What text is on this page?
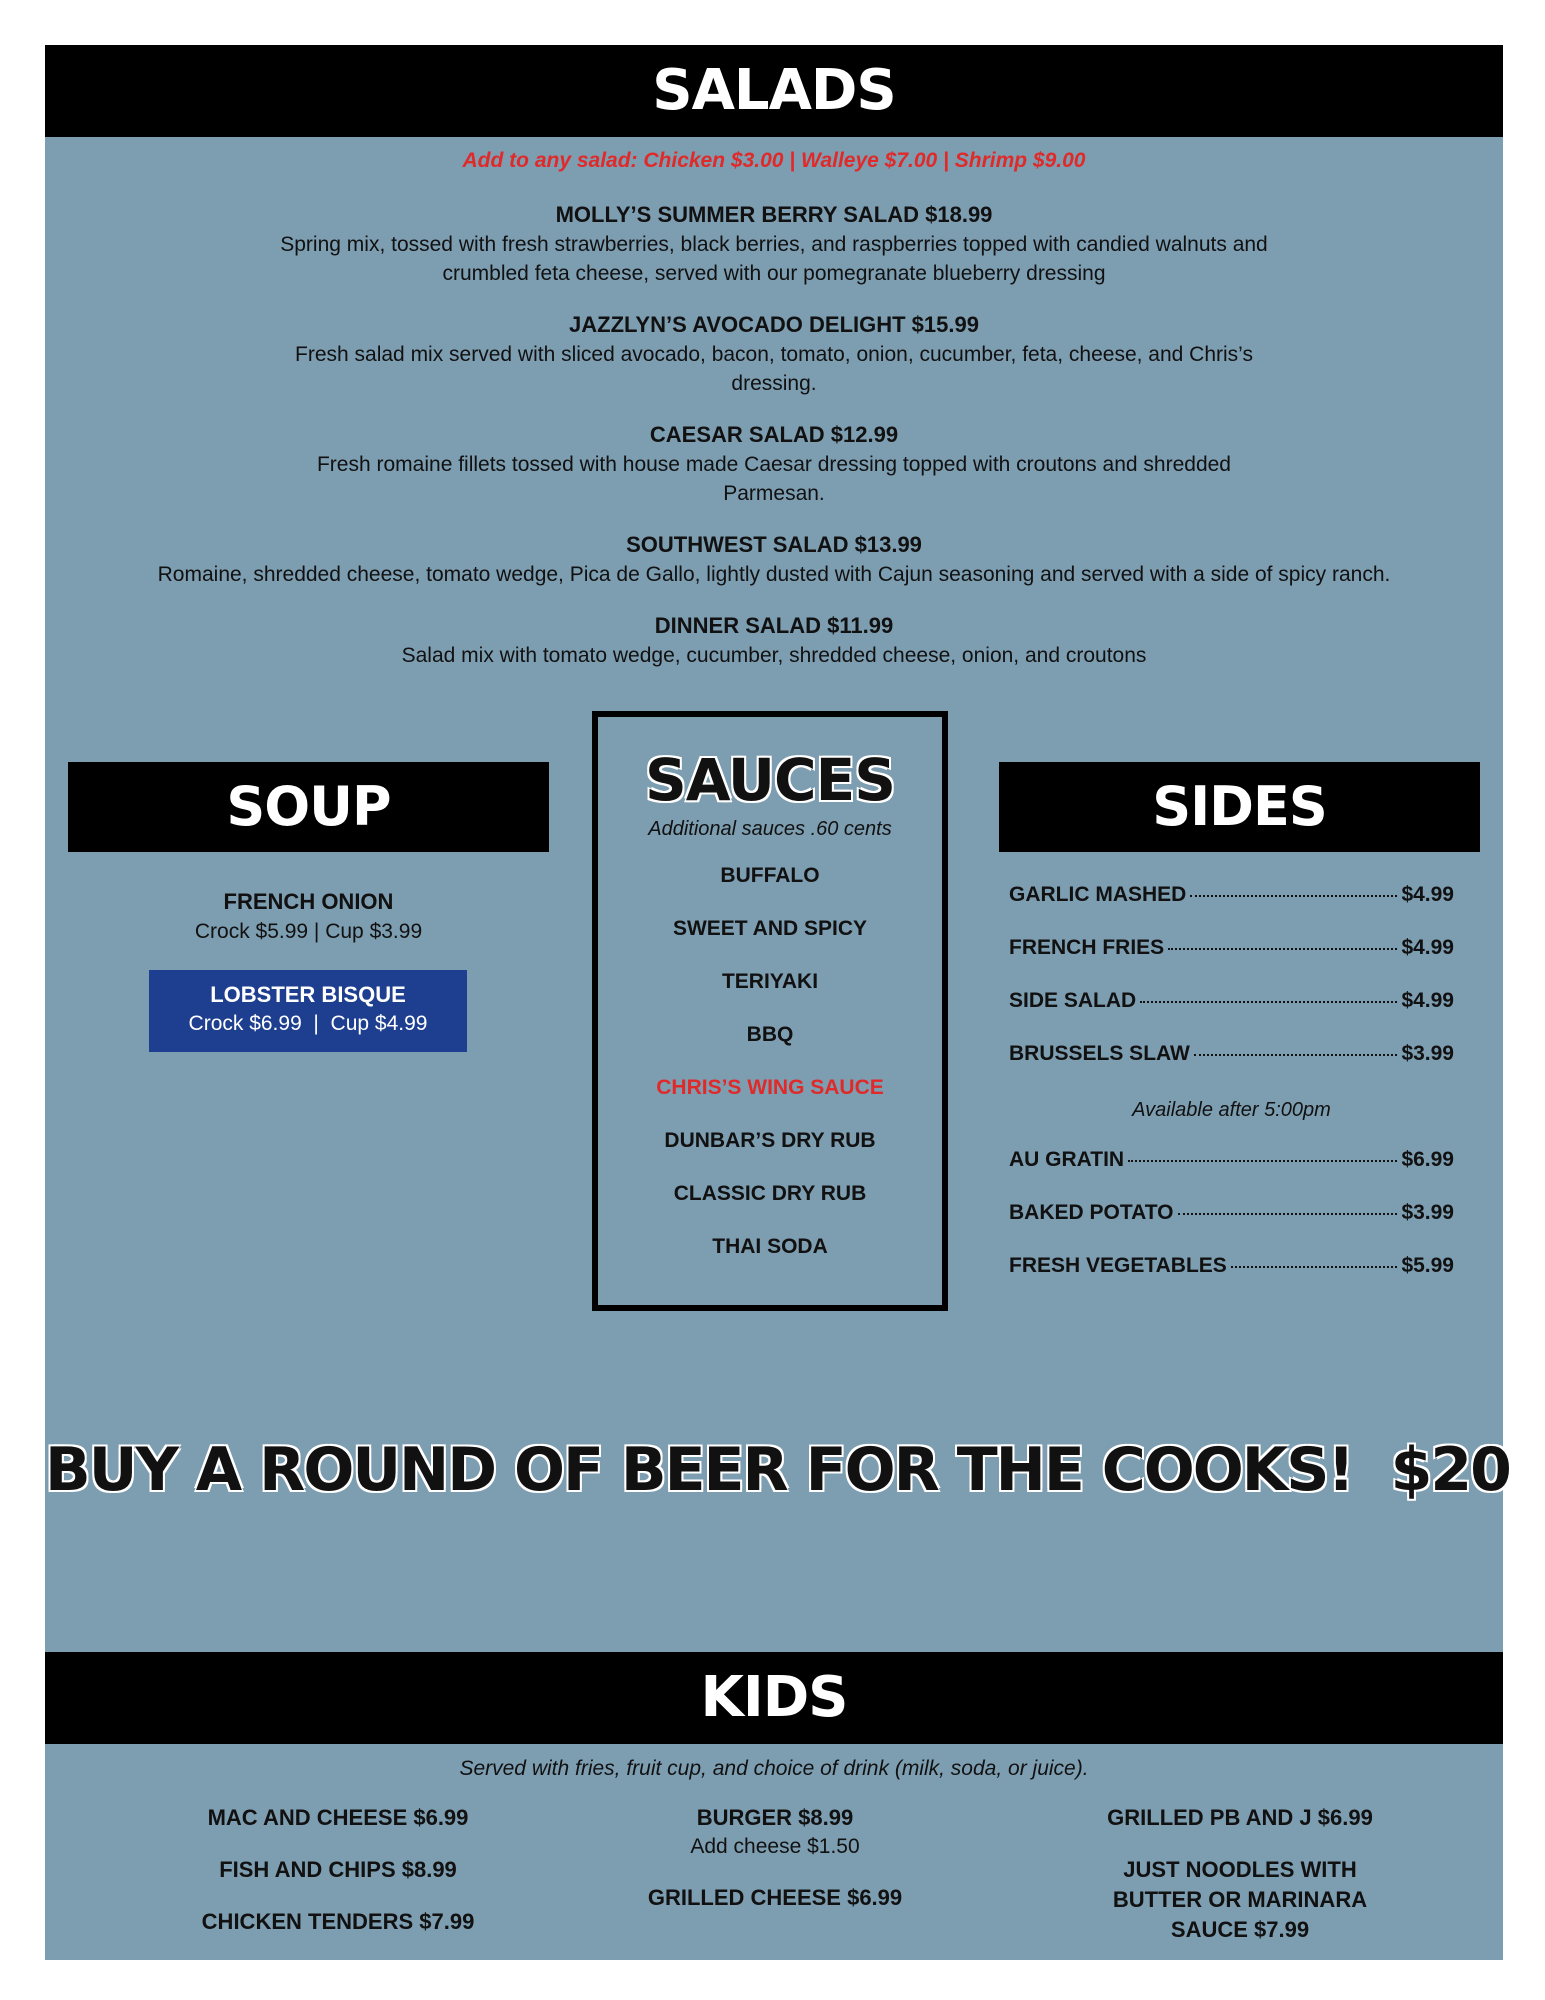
SALADS
Add to any salad: Chicken $3.00 | Walleye $7.00 | Shrimp $9.00
MOLLY’S SUMMER BERRY SALAD $18.99
Spring mix, tossed with fresh strawberries, black berries, and raspberries topped with candied walnuts and crumbled feta cheese, served with our pomegranate blueberry dressing
JAZZLYN’S AVOCADO DELIGHT $15.99
Fresh salad mix served with sliced avocado, bacon, tomato, onion, cucumber, feta, cheese, and Chris’s dressing.
CAESAR SALAD $12.99
Fresh romaine fillets tossed with house made Caesar dressing topped with croutons and shredded Parmesan.
SOUTHWEST SALAD $13.99
Romaine, shredded cheese, tomato wedge, Pica de Gallo, lightly dusted with Cajun seasoning and served with a side of spicy ranch.
DINNER SALAD $11.99
Salad mix with tomato wedge, cucumber, shredded cheese, onion, and croutons
SOUP
FRENCH ONION
Crock $5.99 | Cup $3.99
LOBSTER BISQUE
Crock $6.99  |  Cup $4.99
SAUCES
Additional sauces .60 cents
BUFFALO
SWEET AND SPICY
TERIYAKI
BBQ
CHRIS’S WING SAUCE
DUNBAR’S DRY RUB
CLASSIC DRY RUB
THAI SODA
SIDES
GARLIC MASHED	$4.99
FRENCH FRIES	$4.99
SIDE SALAD	$4.99
BRUSSELS SLAW	$3.99
Available after 5:00pm
AU GRATIN	$6.99
BAKED POTATO	$3.99
FRESH VEGETABLES	$5.99
BUY A ROUND OF BEER FOR THE COOKS!  $20
KIDS
Served with fries, fruit cup, and choice of drink (milk, soda, or juice).
MAC AND CHEESE $6.99
FISH AND CHIPS $8.99
CHICKEN TENDERS $7.99
BURGER $8.99
Add cheese $1.50
GRILLED CHEESE $6.99
GRILLED PB AND J $6.99
JUST NOODLES WITH BUTTER OR MARINARA SAUCE $7.99
